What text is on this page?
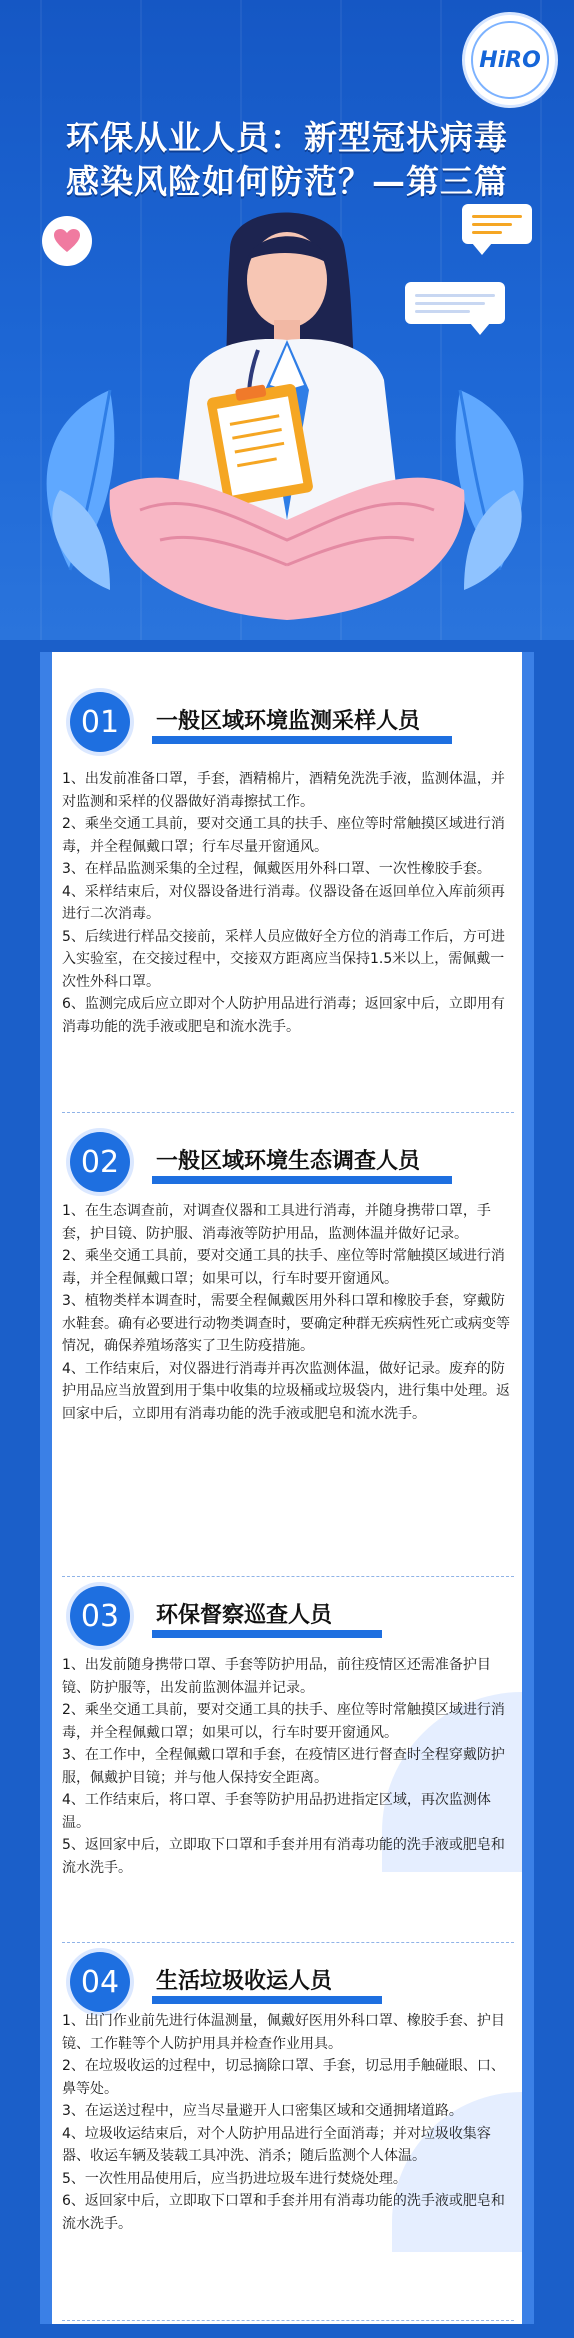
HiRO
环保从业人员：新型冠状病毒
感染风险如何防范？—第三篇
01	一般区域环境监测采样人员

1、出发前准备口罩，手套，酒精棉片，酒精免洗洗手液，监测体温，并对监测和采样的仪器做好消毒擦拭工作。

2、乘坐交通工具前，要对交通工具的扶手、座位等时常触摸区域进行消毒，并全程佩戴口罩；行车尽量开窗通风。

3、在样品监测采集的全过程，佩戴医用外科口罩、一次性橡胶手套。

4、采样结束后，对仪器设备进行消毒。仪器设备在返回单位入库前须再进行二次消毒。

5、后续进行样品交接前，采样人员应做好全方位的消毒工作后，方可进入实验室，在交接过程中，交接双方距离应当保持1.5米以上，需佩戴一次性外科口罩。

6、监测完成后应立即对个人防护用品进行消毒；返回家中后，立即用有消毒功能的洗手液或肥皂和流水洗手。

02	一般区域环境生态调查人员

1、在生态调查前，对调查仪器和工具进行消毒，并随身携带口罩，手套，护目镜、防护服、消毒液等防护用品，监测体温并做好记录。

2、乘坐交通工具前，要对交通工具的扶手、座位等时常触摸区域进行消毒，并全程佩戴口罩；如果可以，行车时要开窗通风。

3、植物类样本调查时，需要全程佩戴医用外科口罩和橡胶手套，穿戴防水鞋套。确有必要进行动物类调查时，要确定种群无疾病性死亡或病变等情况，确保养殖场落实了卫生防疫措施。

4、工作结束后，对仪器进行消毒并再次监测体温，做好记录。废弃的防护用品应当放置到用于集中收集的垃圾桶或垃圾袋内，进行集中处理。返回家中后，立即用有消毒功能的洗手液或肥皂和流水洗手。

03	环保督察巡查人员

1、出发前随身携带口罩、手套等防护用品，前往疫情区还需准备护目镜、防护服等，出发前监测体温并记录。

2、乘坐交通工具前，要对交通工具的扶手、座位等时常触摸区域进行消毒，并全程佩戴口罩；如果可以，行车时要开窗通风。

3、在工作中，全程佩戴口罩和手套，在疫情区进行督查时全程穿戴防护服，佩戴护目镜；并与他人保持安全距离。

4、工作结束后，将口罩、手套等防护用品扔进指定区域，再次监测体温。

5、返回家中后，立即取下口罩和手套并用有消毒功能的洗手液或肥皂和流水洗手。

04	生活垃圾收运人员

1、出门作业前先进行体温测量，佩戴好医用外科口罩、橡胶手套、护目镜、工作鞋等个人防护用具并检查作业用具。

2、在垃圾收运的过程中，切忌摘除口罩、手套，切忌用手触碰眼、口、鼻等处。

3、在运送过程中，应当尽量避开人口密集区域和交通拥堵道路。

4、垃圾收运结束后，对个人防护用品进行全面消毒；并对垃圾收集容器、收运车辆及装载工具冲洗、消杀；随后监测个人体温。

5、一次性用品使用后，应当扔进垃圾车进行焚烧处理。

6、返回家中后，立即取下口罩和手套并用有消毒功能的洗手液或肥皂和流水洗手。
